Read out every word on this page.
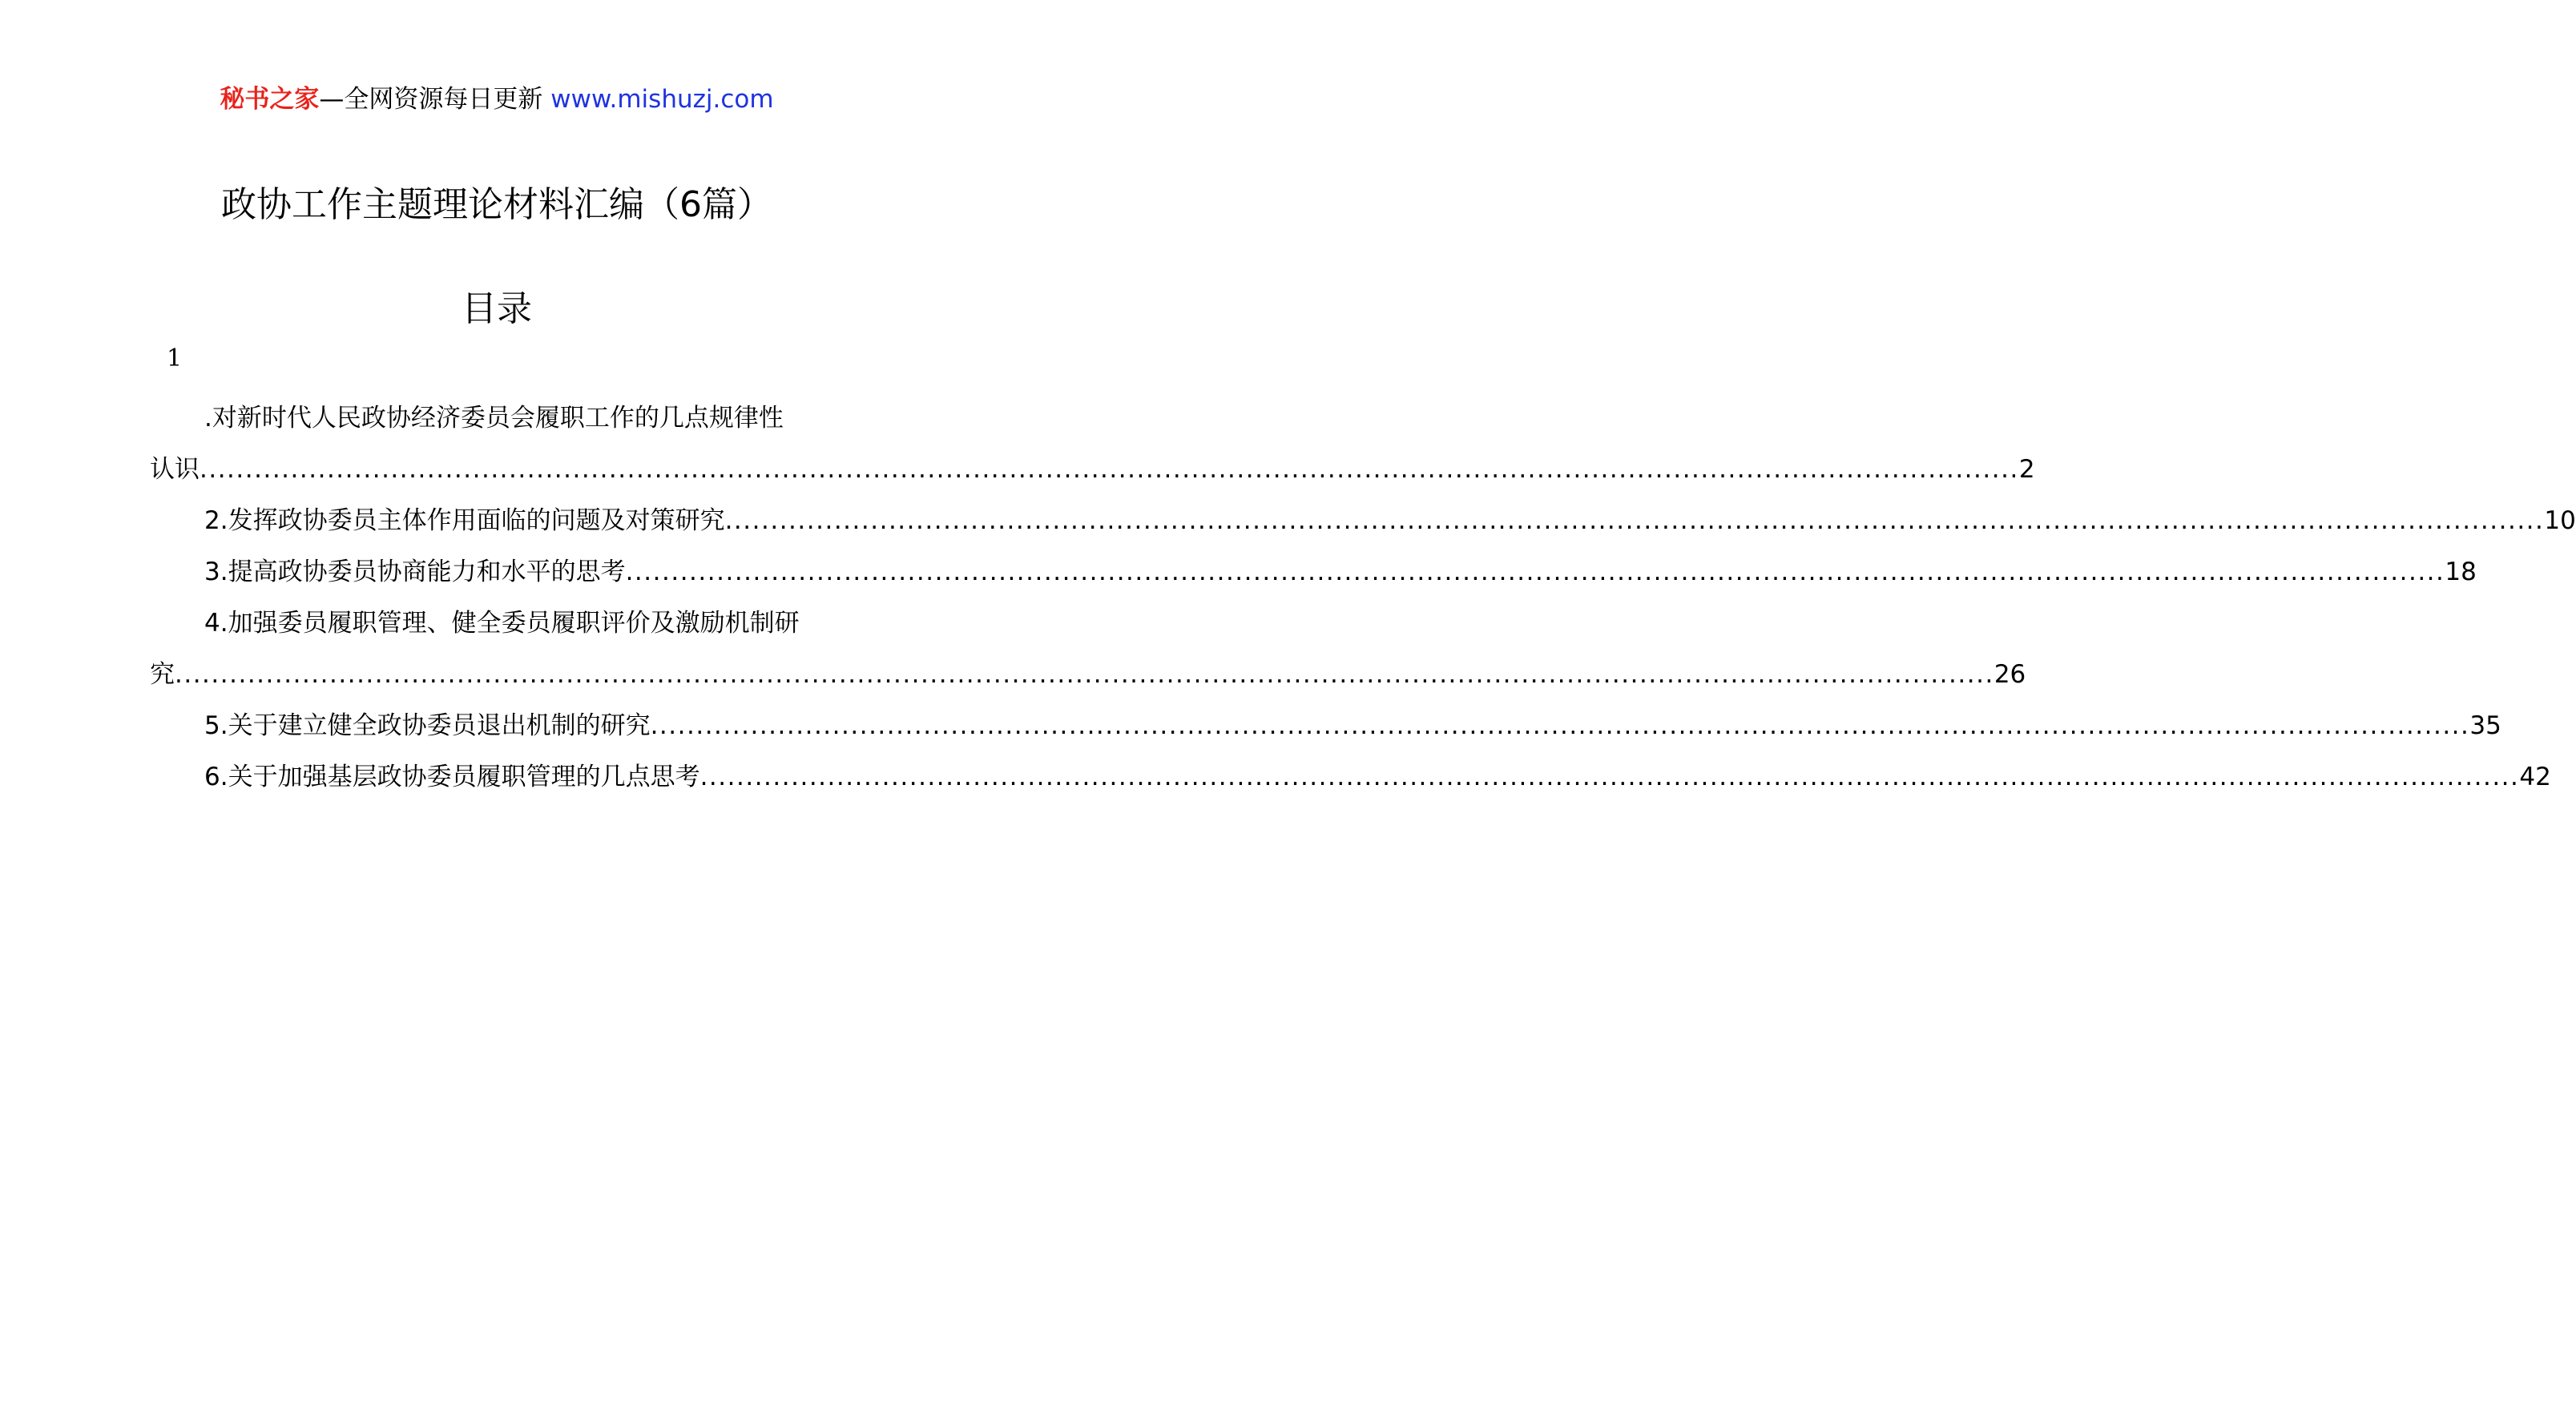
秘书之家—全网资源每日更新 www.mishuzj.com
政协工作主题理论材料汇编（6篇）
目录
1
.对新时代人民政协经济委员会履职工作的几点规律性
认识 ........................................................................................................................................................................................................ 2
2.发挥政协委员主体作用面临的问题及对策研究 ........................................................................................................................................................................................................ 10
3.提高政协委员协商能力和水平的思考 ........................................................................................................................................................................................................ 18
4.加强委员履职管理、健全委员履职评价及激励机制研
究 ........................................................................................................................................................................................................ 26
5.关于建立健全政协委员退出机制的研究 ........................................................................................................................................................................................................ 35
6.关于加强基层政协委员履职管理的几点思考 ........................................................................................................................................................................................................ 42
